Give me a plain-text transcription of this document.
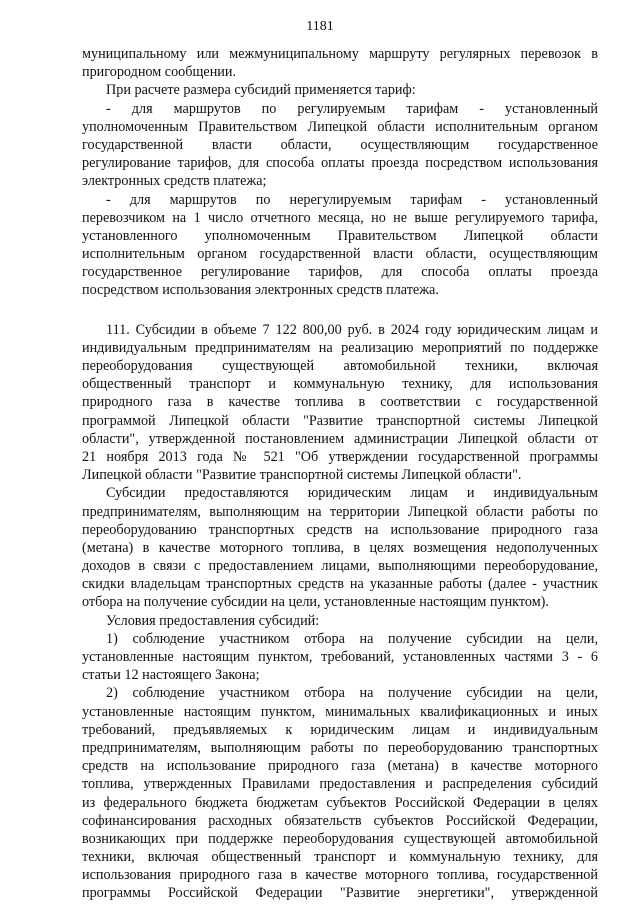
1181
муниципальному или межмуниципальному маршруту регулярных перевозок в
пригородном сообщении.
При расчете размера субсидий применяется тариф:
- для маршрутов по регулируемым тарифам - установленный
уполномоченным Правительством Липецкой области исполнительным органом
государственной власти области, осуществляющим государственное
регулирование тарифов, для способа оплаты проезда посредством использования
электронных средств платежа;
- для маршрутов по нерегулируемым тарифам - установленный
перевозчиком на 1 число отчетного месяца, но не выше регулируемого тарифа,
установленного уполномоченным Правительством Липецкой области
исполнительным органом государственной власти области, осуществляющим
государственное регулирование тарифов, для способа оплаты проезда
посредством использования электронных средств платежа.
111. Субсидии в объеме 7 122 800,00 руб. в 2024 году юридическим лицам и
индивидуальным предпринимателям на реализацию мероприятий по поддержке
переоборудования существующей автомобильной техники, включая
общественный транспорт и коммунальную технику, для использования
природного газа в качестве топлива в соответствии с государственной
программой Липецкой области "Развитие транспортной системы Липецкой
области", утвержденной постановлением администрации Липецкой области от
21 ноября 2013 года № 521 "Об утверждении государственной программы
Липецкой области "Развитие транспортной системы Липецкой области".
Субсидии предоставляются юридическим лицам и индивидуальным
предпринимателям, выполняющим на территории Липецкой области работы по
переоборудованию транспортных средств на использование природного газа
(метана) в качестве моторного топлива, в целях возмещения недополученных
доходов в связи с предоставлением лицами, выполняющими переоборудование,
скидки владельцам транспортных средств на указанные работы (далее - участник
отбора на получение субсидии на цели, установленные настоящим пунктом).
Условия предоставления субсидий:
1) соблюдение участником отбора на получение субсидии на цели,
установленные настоящим пунктом, требований, установленных частями 3 - 6
статьи 12 настоящего Закона;
2) соблюдение участником отбора на получение субсидии на цели,
установленные настоящим пунктом, минимальных квалификационных и иных
требований, предъявляемых к юридическим лицам и индивидуальным
предпринимателям, выполняющим работы по переоборудованию транспортных
средств на использование природного газа (метана) в качестве моторного
топлива, утвержденных Правилами предоставления и распределения субсидий
из федерального бюджета бюджетам субъектов Российской Федерации в целях
софинансирования расходных обязательств субъектов Российской Федерации,
возникающих при поддержке переоборудования существующей автомобильной
техники, включая общественный транспорт и коммунальную технику, для
использования природного газа в качестве моторного топлива, государственной
программы Российской Федерации "Развитие энергетики", утвержденной
